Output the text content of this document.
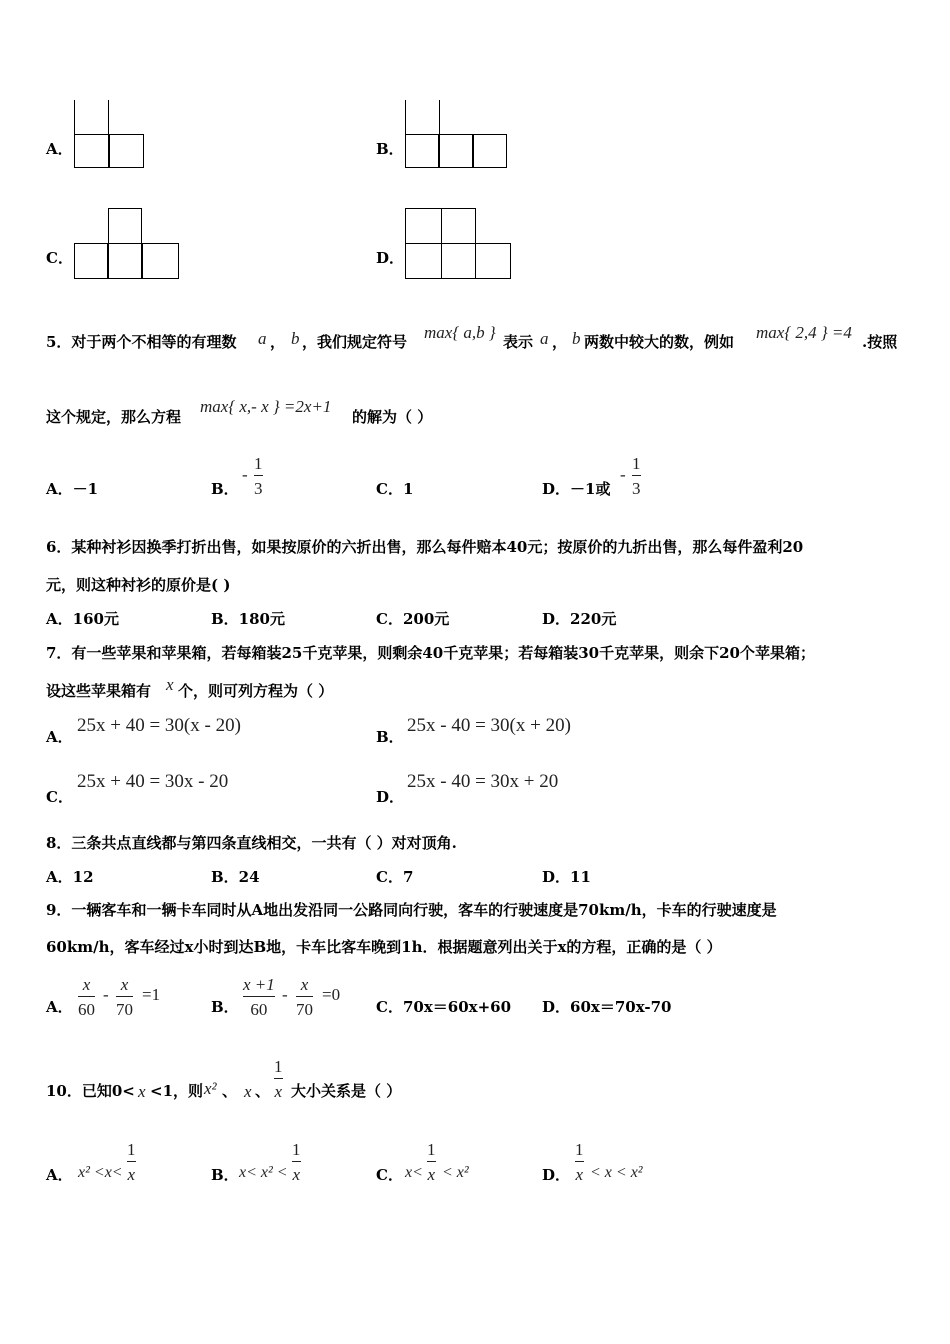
A．	B．
C．	D．
5．对于两个不相等的有理数 a ， b ，我们规定符号 max{ a,b } 表示 a ， b 两数中较大的数，例如 max{ 2,4 } =4 .按照
这个规定，那么方程
max{ x,- x } =2x+1
的解为（ ）
A．－1	B．
-
1
3	C．1	D．－1或
-
1
3
6．某种衬衫因换季打折出售，如果按原价的六折出售，那么每件赔本40元；按原价的九折出售，那么每件盈利20
元，则这种衬衫的原价是( )
A．160元	B．180元	C．200元	D．220元
7．有一些苹果和苹果箱，若每箱装25千克苹果，则剩余40千克苹果；若每箱装30千克苹果，则余下20个苹果箱；
设这些苹果箱有 x 个，则可列方程为（ ）
A．
25x + 40 = 30(x - 20)
B．
25x - 40 = 30(x + 20)
C．
25x + 40 = 30x - 20
D．
25x - 40 = 30x + 20
8．三条共点直线都与第四条直线相交，一共有（ ）对对顶角.
A．12	B．24	C．7	D．11
9．一辆客车和一辆卡车同时从A地出发沿同一公路同向行驶，客车的行驶速度是70km/h，卡车的行驶速度是
60km/h，客车经过x小时到达B地，卡车比客车晚到1h．根据题意列出关于x的方程，正确的是（ ）
A．
x
60
-
x
70
=1
B．
x +1
60
-
x
70
=0
C．70x＝60x+60 D．60x＝70x-70
10．已知0< x <1，则 x² 、 x 、
1
x 大小关系是（ ）
A． x² <x<
1
x	B． x< x² <
1
x	C． x<
1
x < x²	D．
1
x < x < x²
